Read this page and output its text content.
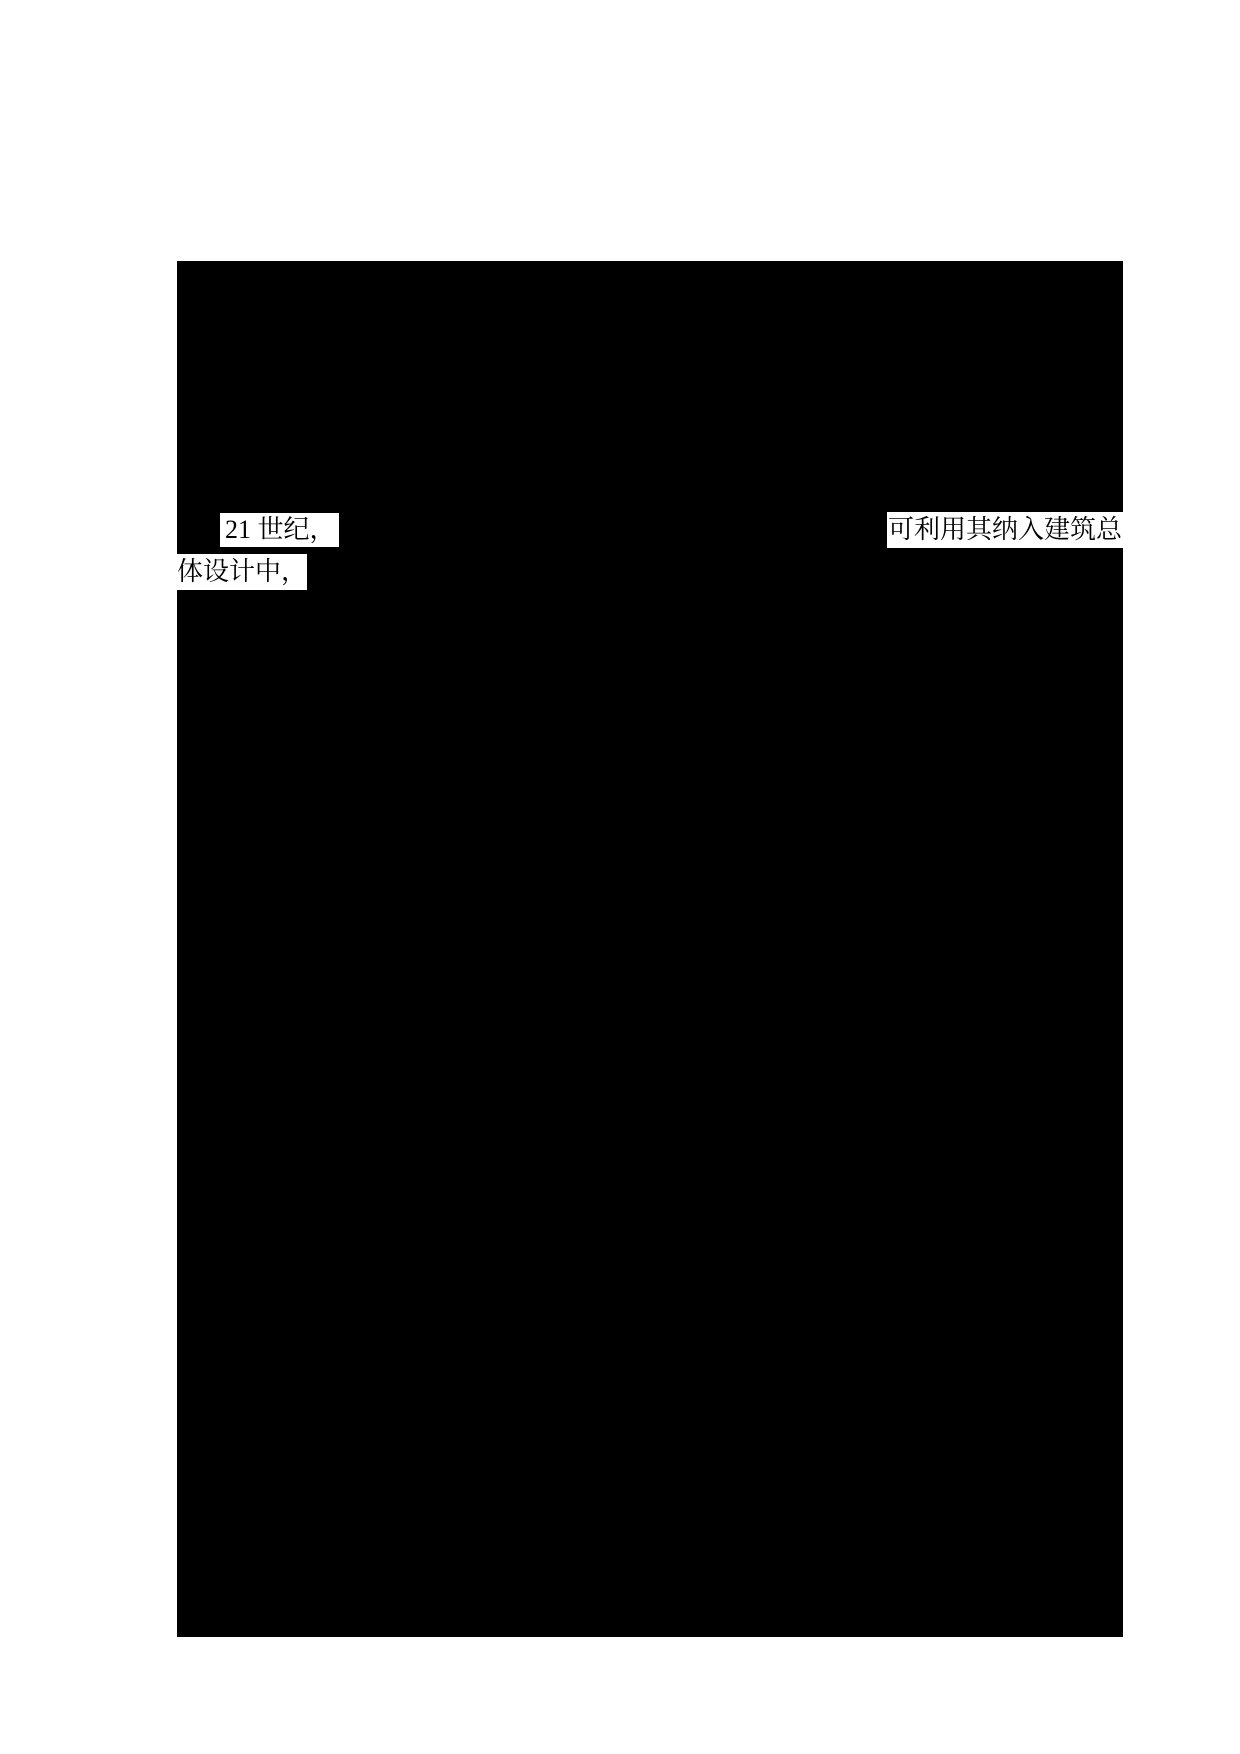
21 世纪，	可利用其纳入建筑总
体设计中，
